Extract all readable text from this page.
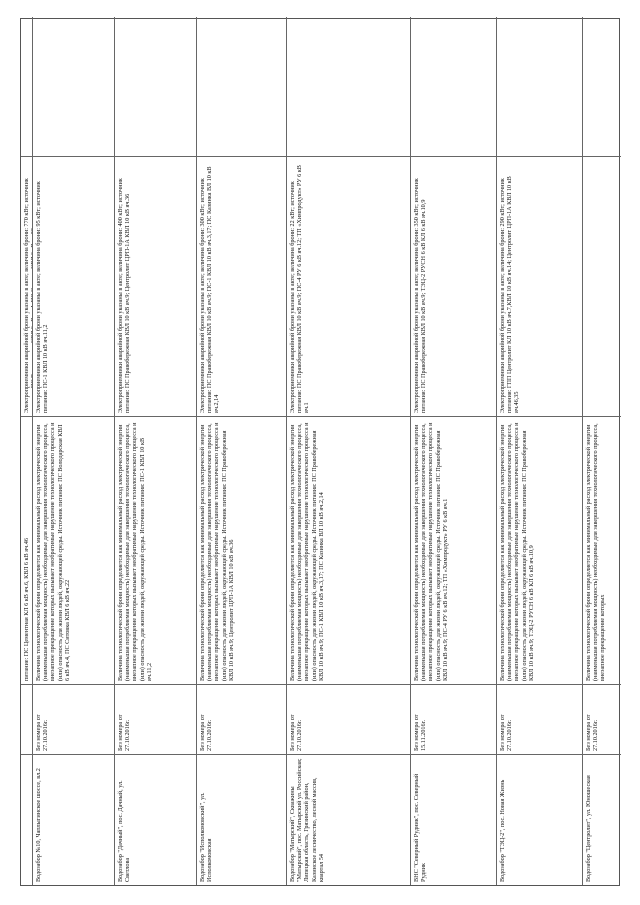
питание: ПС Цементная КЛ 6 кВ яч.6, КВЛ 6 кВ яч.46
Электроприемники аварийной брони указаны в акте; величина брони: 770 кВт; источник
Водозабор №10, Чаплыгинское шоссе, вл.2
Без номера от 27.10.2016г.
Величина технологической брони определяется как минимальный расход электрической энергии (наименьшая потребляемая мощность) необходимые для завершения технологического процесса, внезапное прекращение которых вызывает необратимые нарушение технологического процесса и (или) опасность для жизни людей, окружающей среды. Источник питания: ПС Володарская КВЛ 6 кВ яч.4, ПС Ситовка КВЛ 6 кВ яч.22
Электроприемники аварийной брони указаны в акте; величина брони: 95 кВт; источник питания: ПС-1 КВЛ 10 кВ яч.11,2
Водозабор "Дачный", пос. Дачный, ул. Светлова
Без номера от 27.10.2016г.
Величина технологической брони определяется как минимальный расход электрической энергии (наименьшая потребляемая мощность) необходимые для завершения технологического процесса, внезапное прекращение которых вызывает необратимые нарушение технологического процесса и (или) опасность для жизни людей, окружающей среды. Источник питания: ПС-1 КВЛ 10 кВ яч.11,2
Электроприемники аварийной брони указаны в акте; величина брони: 400 кВт; источник питания: ПС Правобережная КВЛ 10 кВ яч.9; Центролит ЦРП-1А КВЛ 10 кВ яч.36
Водозабор "Исполкомовский", ул. Исполкомовская
Без номера от 27.10.2016г.
Величина технологической брони определяется как минимальный расход электрической энергии (наименьшая потребляемая мощность) необходимые для завершения технологического процесса, внезапное прекращение которых вызывает необратимые нарушение технологического процесса и (или) опасность для жизни людей, окружающей среды. Источник питания: ПС Правобережная КВЛ 10 кВ яч.9; Центролит ЦРП-1А КВЛ 10 кВ яч.36
Электроприемники аварийной брони указаны в акте; величина брони: 300 кВт; источник питания: ПС Правобережная КВЛ 10 кВ яч.9; ПС-1 КВЛ 10 кВ яч.3,17; ПС Казинка ВЛ 10 кВ яч.2,14
Водозабор "Матырский", Скважины "Матырский", пос. Матырский ул. Российская; Липецкая область, Грязинский район, Казинское лесничество, лесной массив, квартал 54
Без номера от 27.10.2016г.
Величина технологической брони определяется как минимальный расход электрической энергии (наименьшая потребляемая мощность) необходимые для завершения технологического процесса, внезапное прекращение которых вызывает необратимые нарушение технологического процесса и (или) опасность для жизни людей, окружающей среды. Источник питания: ПС Правобережная КВЛ 10 кВ яч.9; ПС-1 КВЛ 10 кВ яч.3,17; ПС Казинка ВЛ 10 кВ яч.2,14
Электроприемники аварийной брони указаны в акте; величина брони: 22 кВт; источник питания: ПС Правобережная КВЛ 10 кВ яч.9; ПС-4 РУ 6 кВ яч.12; ТП «Химпродукт» РУ 6 кВ яч.1
ВНС "Северный Рудник", пос. Северный Рудник
Без номера от 15.11.2016г.
Величина технологической брони определяется как минимальный расход электрической энергии (наименьшая потребляемая мощность) необходимые для завершения технологического процесса, внезапное прекращение которых вызывает необратимые нарушение технологического процесса и (или) опасность для жизни людей, окружающей среды. Источник питания: ПС Правобережная КВЛ 10 кВ яч.9; ПС-4 РУ 6 кВ яч.12; ТП «Химпродукт» РУ 6 кВ яч.1
Электроприемники аварийной брони указаны в акте; величина брони: 350 кВт; источник питания: ПС Правобережная КВЛ 10 кВ яч.9; ТЭЦ-2 РУСН 6 кВ КЛ 6 кВ яч.10,9
Водозабор "ТЭЦ-2", пос. Новая Жизнь
Без номера от 27.10.2016г.
Величина технологической брони определяется как минимальный расход электрической энергии (наименьшая потребляемая мощность) необходимые для завершения технологического процесса, внезапное прекращение которых вызывает необратимые нарушение технологического процесса и (или) опасность для жизни людей, окружающей среды. Источник питания: ПС Правобережная КВЛ 10 кВ яч.9; ТЭЦ-2 РУСН 6 кВ КЛ 6 кВ яч.10,9
Электроприемники аварийной брони указаны в акте; величина брони: 290 кВт; источник питания: ГПП Центролит КЛ 10 кВ яч.7,КВЛ 10 кВ яч.14; Центролит ЦРП-1А КВЛ 10 кВ яч.46,35
Водозабор "Центролит", ул. Юношеская
Без номера от 27.10.2016г.
Величина технологической брони определяется как минимальный расход электрической энергии (наименьшая потребляемая мощность) необходимые для завершения технологического процесса, внезапное прекращение которых
